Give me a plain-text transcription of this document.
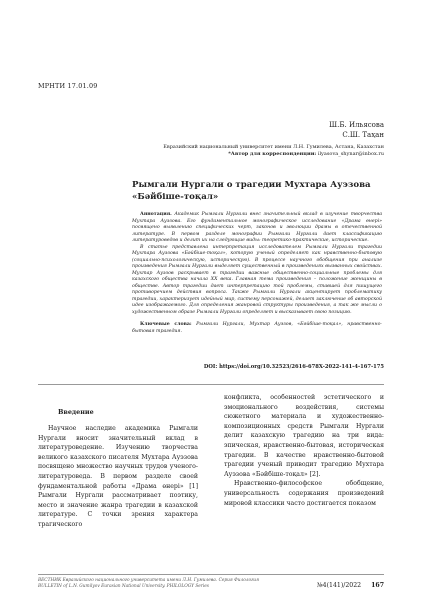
МРНТИ 17.01.09
Ш.Б. Ильясова
С.Ш. Таҳан
Евразийский национальный университет имени Л.Н. Гумилева, Астана, Казахстан
*Автор для корреспонденции: ilyasova_shynar@inbox.ru
Рымгали Нургали о трагедии Мухтара Ауэзова «Бәйбіше-тоқал»

Аннотация. Академик Рымгали Нургали внес значительный вклад в изучение творчества Мухтара Ауэзова. Его фундаментальное монографическое исследование «Драма өнері» посвящено выявлению специфических черт, законов и эволюции драмы в отечественной литературе. В первом разделе монографии Рымгали Нургали дает классификацию литературоведов и делит их на следующие виды: теоретико-практические, исторические.

В статье представлена интерпретация исследователем Рымгали Нургали трагедии Мухтара Ауэзова «Бәйбіше-тоқал», которую ученый определяет как нравственно-бытовую (социально-психологическую, историческую). В процессе научного обобщения при анализе произведения Рымгали Нургали выделяет существенный в произведениях вызванных свойствах. Мухтар Ауэзов раскрывает в трагедии важные общественно-социальные проблемы для казахского общества начала ХХ века. Главная тема произведения – положение женщины в обществе. Автор трагедии дает интерпретацию той проблемы, ставшей для пишущего противоречием действия вопроса. Также Рымгали Нургали акцентирует проблематику трагедии, характеризует идейный мир, систему персонажей, делает заключение об авторской идее изображаемого. Для определения жанровой структуры произведения, а так же мысли о художественном образе Рымгали Нургали определяет и высказывает свою позицию.

Ключевые слова: Рымгали Нургали, Мухтар Ауэзов, «Бәйбіше-тоқал», нравственно-бытовая трагедия.

DOI: https://doi.org/10.32523/2616-678X-2022-141-4-167-175
Введение

Научное наследие академика Рымгали Нургали вносит значительный вклад в литературоведение. Изучению творчества великого казахского писателя Мухтара Ауэзова посвящено множество научных трудов ученого-литературоведа. В первом разделе своей фундаментальной работы «Драма өнері» [1] Рымгали Нургали рассматривает поэтику, место и значение жанра трагедии в казахской литературе. С точки зрения характера трагического

конфликта, особенностей эстетического и эмоционального воздействия, системы сюжетного материала и художественно-композиционных средств Рымгали Нургали делит казахскую трагедию на три вида: эпическая, нравственно-бытовая, историческая трагедии. В качестве нравственно-бытовой трагедии ученый приводит трагедию Мухтара Ауэзова «Бәйбіше-тоқал» [2].

Нравственно-философское обобщение, универсальность содержания произведений мировой классики часто достигается показом

ВЕСТНИК Евразийского национального университета имени Л.Н. Гумилева. Серия Филология
BULLETIN of L.N. Gumilyov Eurasian National University. PHILOLOGY Series	№4(141)/2022 167
